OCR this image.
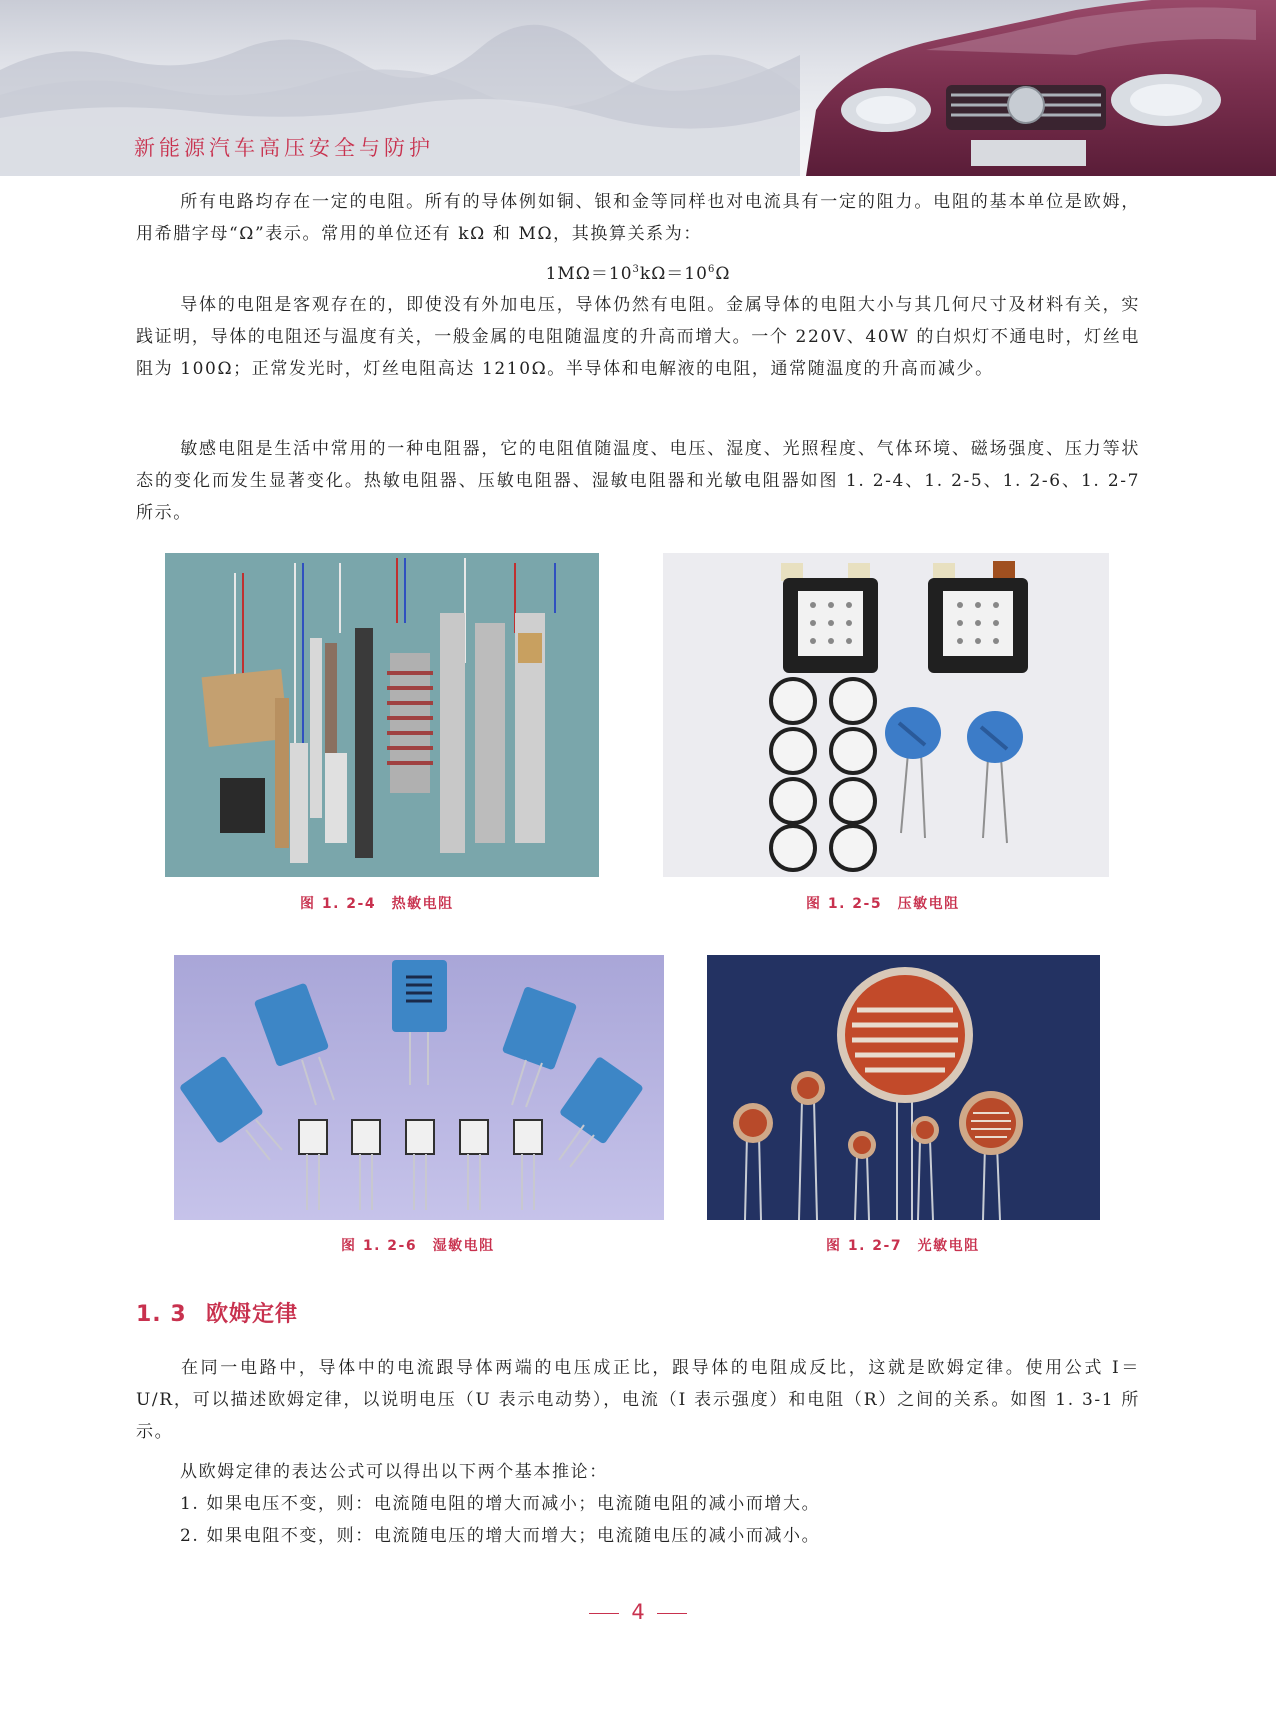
新能源汽车高压安全与防护

所有电路均存在一定的电阻。所有的导体例如铜、银和金等同样也对电流具有一定的阻力。电阻的基本单位是欧姆，用希腊字母“Ω”表示。常用的单位还有 kΩ 和 MΩ，其换算关系为：

$1M\Omega=10^3k\Omega=10^6\Omega$

导体的电阻是客观存在的，即使没有外加电压，导体仍然有电阻。金属导体的电阻大小与其几何尺寸及材料有关，实践证明，导体的电阻还与温度有关，一般金属的电阻随温度的升高而增大。一个 220V、40W 的白炽灯不通电时，灯丝电阻为 100Ω；正常发光时，灯丝电阻高达 1210Ω。半导体和电解液的电阻，通常随温度的升高而减少。

敏感电阻是生活中常用的一种电阻器，它的电阻值随温度、电压、湿度、光照程度、气体环境、磁场强度、压力等状态的变化而发生显著变化。热敏电阻器、压敏电阻器、湿敏电阻器和光敏电阻器如图 1. 2-4、1. 2-5、1. 2-6、1. 2-7 所示。

图 1. 2-4　热敏电阻	图 1. 2-5　压敏电阻
图 1. 2-6　湿敏电阻	图 1. 2-7　光敏电阻
1. 3 欧姆定律

在同一电路中，导体中的电流跟导体两端的电压成正比，跟导体的电阻成反比，这就是欧姆定律。使用公式 I＝U/R，可以描述欧姆定律，以说明电压（U 表示电动势），电流（I 表示强度）和电阻（R）之间的关系。如图 1. 3-1 所示。

从欧姆定律的表达公式可以得出以下两个基本推论：

1. 如果电压不变，则：电流随电阻的增大而减小；电流随电阻的减小而增大。

2. 如果电阻不变，则：电流随电压的增大而增大；电流随电压的减小而减小。

4
